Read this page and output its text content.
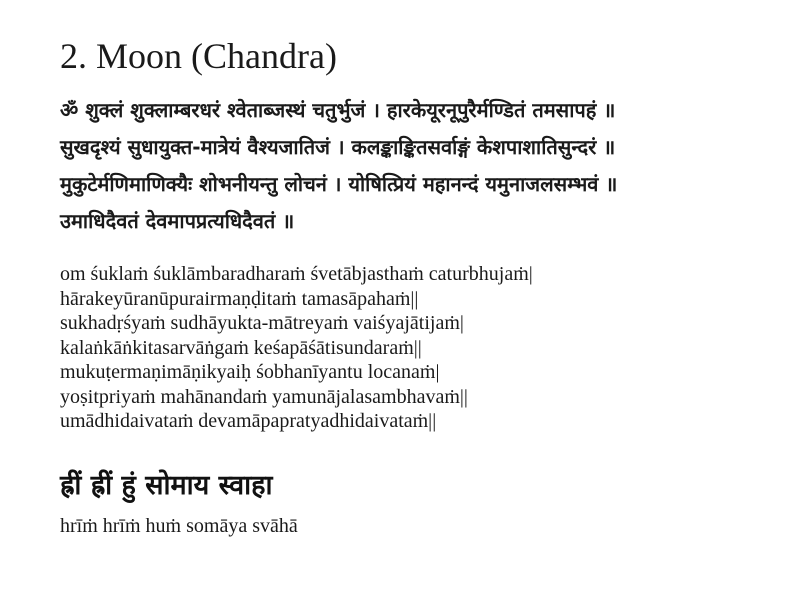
2. Moon (Chandra)
ॐ शुक्लं शुक्लाम्बरधरं श्वेताब्जस्थं चतुर्भुजं । हारकेयूरनूपुरैर्मण्डितं तमसापहं ॥
सुखदृश्यं सुधायुक्त-मात्रेयं वैश्यजातिजं । कलङ्काङ्कितसर्वाङ्गं केशपाशातिसुन्दरं ॥
मुकुटेर्मणिमाणिक्यैः शोभनीयन्तु लोचनं । योषित्प्रियं महानन्दं यमुनाजलसम्भवं ॥
उमाधिदैवतं देवमापप्रत्यधिदैवतं ॥
om śuklaṁ śuklāmbaradharaṁ śvetābjasthaṁ caturbhujaṁ|
hārakeyūranūpurairmaṇḍitaṁ tamasāpahaṁ||
sukhadṛśyaṁ sudhāyukta-mātreyaṁ vaiśyajātijaṁ|
kalaṅkāṅkitasarvāṅgaṁ keśapāśātisundaraṁ||
mukuṭermaṇimāṇikyaiḥ śobhanīyantu locanaṁ|
yoṣitpriyaṁ mahānandaṁ yamunājalasambhavaṁ||
umādhidaivataṁ devamāpapratyadhidaivataṁ||
ह्रीं ह्रीं हुं सोमाय स्वाहा
hrīṁ hrīṁ huṁ somāya svāhā
